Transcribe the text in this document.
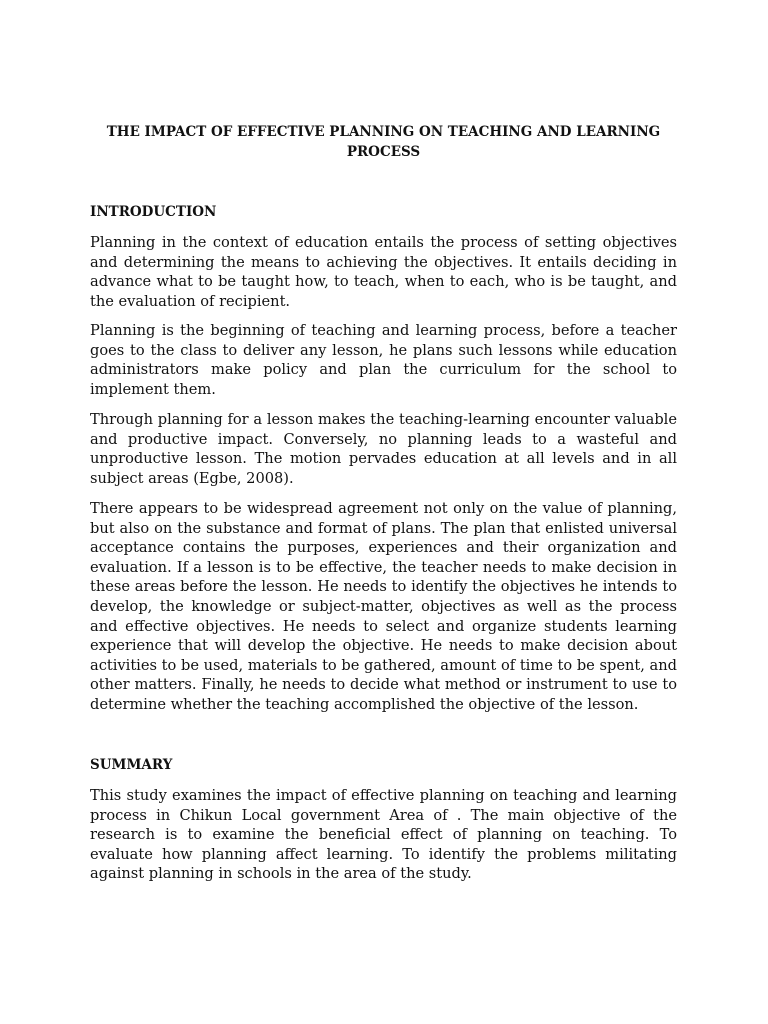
THE IMPACT OF EFFECTIVE PLANNING ON TEACHING AND LEARNING PROCESS
INTRODUCTION

Planning in the context of education entails the process of setting objectives and determining the means to achieving the objectives. It entails deciding in advance what to be taught how, to teach, when to each, who is be taught, and the evaluation of recipient.

Planning is the beginning of teaching and learning process, before a teacher goes to the class to deliver any lesson, he plans such lessons while education administrators make policy and plan the curriculum for the school to implement them.

Through planning for a lesson makes the teaching-learning encounter valuable and productive impact. Conversely, no planning leads to a wasteful and unproductive lesson. The motion pervades education at all levels and in all subject areas (Egbe, 2008).

There appears to be widespread agreement not only on the value of planning, but also on the substance and format of plans. The plan that enlisted universal acceptance contains the purposes, experiences and their organization and evaluation. If a lesson is to be effective, the teacher needs to make decision in these areas before the lesson. He needs to identify the objectives he intends to develop, the knowledge or subject-matter, objectives as well as the process and effective objectives. He needs to select and organize students learning experience that will develop the objective. He needs to make decision about activities to be used, materials to be gathered, amount of time to be spent, and other matters. Finally, he needs to decide what method or instrument to use to determine whether the teaching accomplished the objective of the lesson.

SUMMARY

This study examines the impact of effective planning on teaching and learning process in Chikun Local government Area of . The main objective of the research is to examine the beneficial effect of planning on teaching. To evaluate how planning affect learning. To identify the problems militating against planning in schools in the area of the study.
